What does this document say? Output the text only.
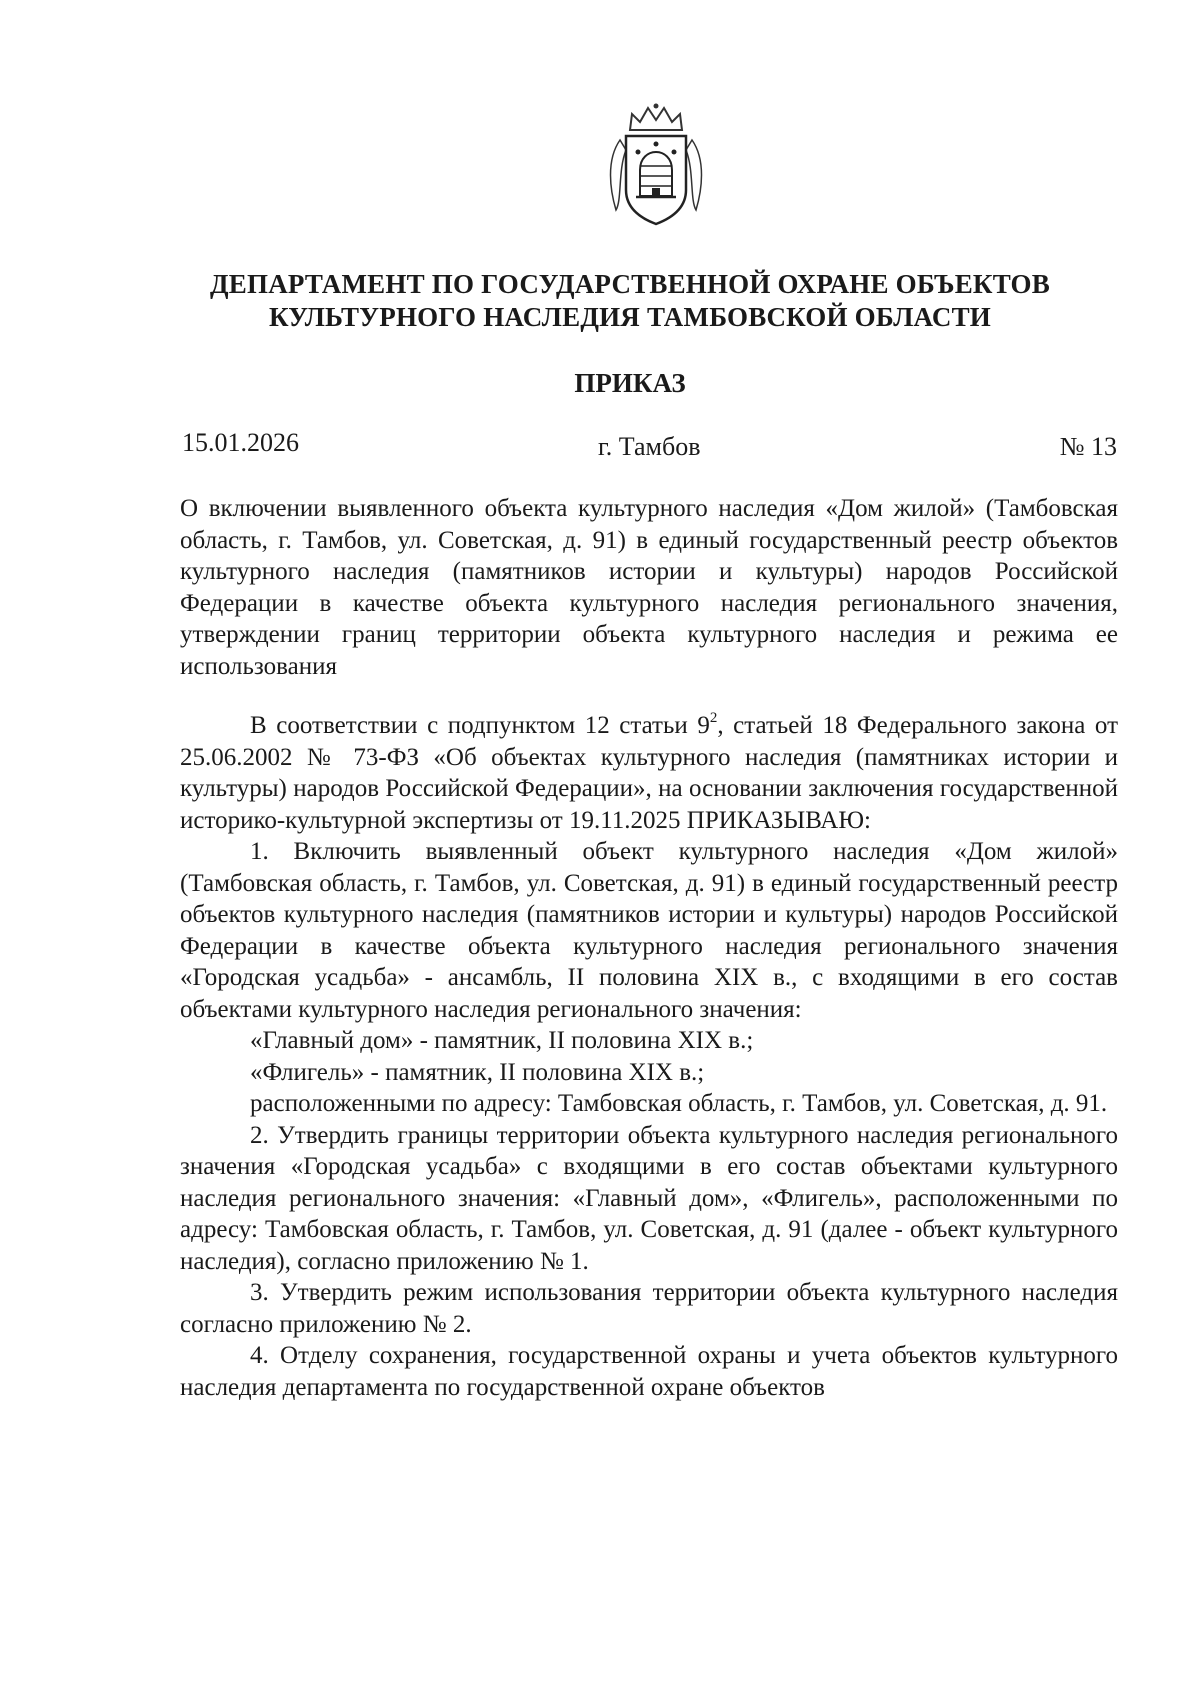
ДЕПАРТАМЕНТ ПО ГОСУДАРСТВЕННОЙ ОХРАНЕ ОБЪЕКТОВ
КУЛЬТУРНОГО НАСЛЕДИЯ ТАМБОВСКОЙ ОБЛАСТИ
ПРИКАЗ
15.01.2026	г. Тамбов	№ 13
О включении выявленного объекта культурного наследия «Дом жилой» (Тамбовская область, г. Тамбов, ул. Советская, д. 91) в единый государственный реестр объектов культурного наследия (памятников истории и культуры) народов Российской Федерации в качестве объекта культурного наследия регионального значения, утверждении границ территории объекта культурного наследия и режима ее использования

В соответствии с подпунктом 12 статьи $9^2$, статьей 18 Федерального закона от 25.06.2002 № 73-ФЗ «Об объектах культурного наследия (памятниках истории и культуры) народов Российской Федерации», на основании заключения государственной историко-культурной экспертизы от 19.11.2025 ПРИКАЗЫВАЮ:

1. Включить выявленный объект культурного наследия «Дом жилой» (Тамбовская область, г. Тамбов, ул. Советская, д. 91) в единый государственный реестр объектов культурного наследия (памятников истории и культуры) народов Российской Федерации в качестве объекта культурного наследия регионального значения «Городская усадьба» - ансамбль, II половина XIX в., с входящими в его состав объектами культурного наследия регионального значения:

«Главный дом» - памятник, II половина XIX в.;

«Флигель» - памятник, II половина XIX в.;

расположенными по адресу: Тамбовская область, г. Тамбов, ул. Советская, д. 91.

2. Утвердить границы территории объекта культурного наследия регионального значения «Городская усадьба» с входящими в его состав объектами культурного наследия регионального значения: «Главный дом», «Флигель», расположенными по адресу: Тамбовская область, г. Тамбов, ул. Советская, д. 91 (далее - объект культурного наследия), согласно приложению № 1.

3. Утвердить режим использования территории объекта культурного наследия согласно приложению № 2.

4. Отделу сохранения, государственной охраны и учета объектов культурного наследия департамента по государственной охране объектов
